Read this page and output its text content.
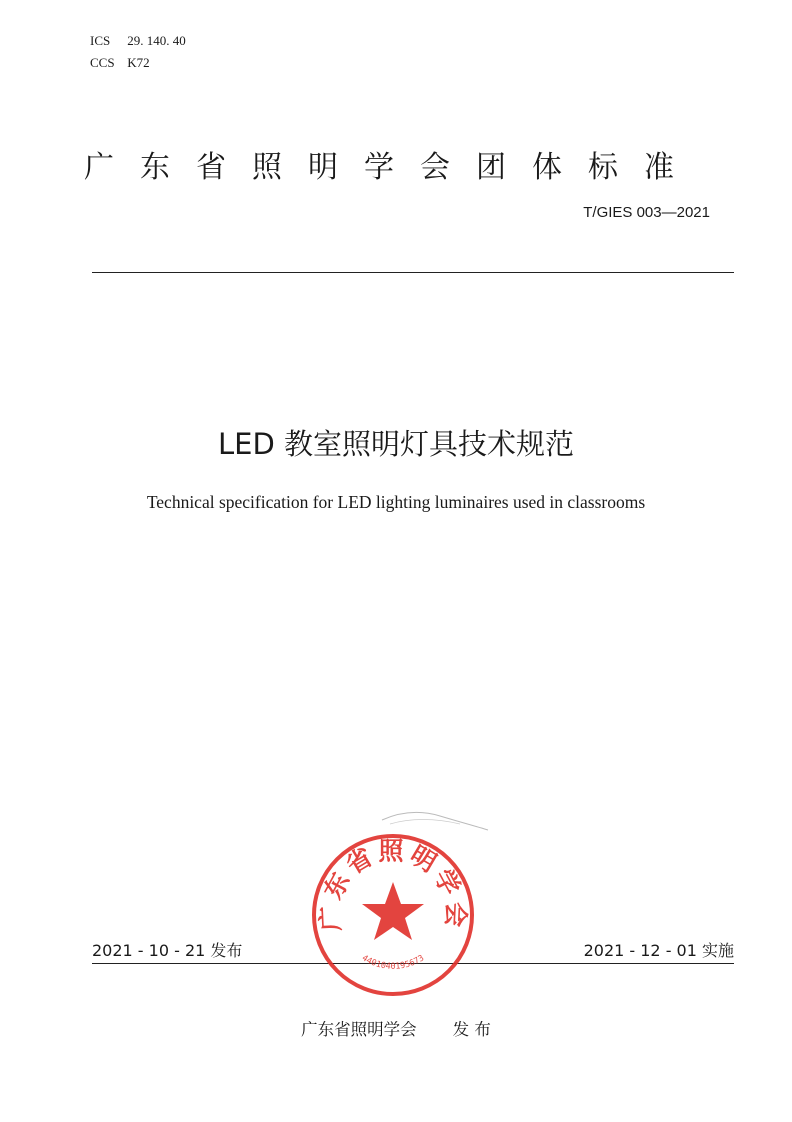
ICS 29. 140. 40
CCS K72
广东省照明学会团体标准
T/GIES 003—2021
LED 教室照明灯具技术规范
Technical specification for LED lighting luminaires used in classrooms
2021 - 10 - 21 发布	2021 - 12 - 01 实施
广东省照明学会
4401040195673
广东省照明学会 发 布
